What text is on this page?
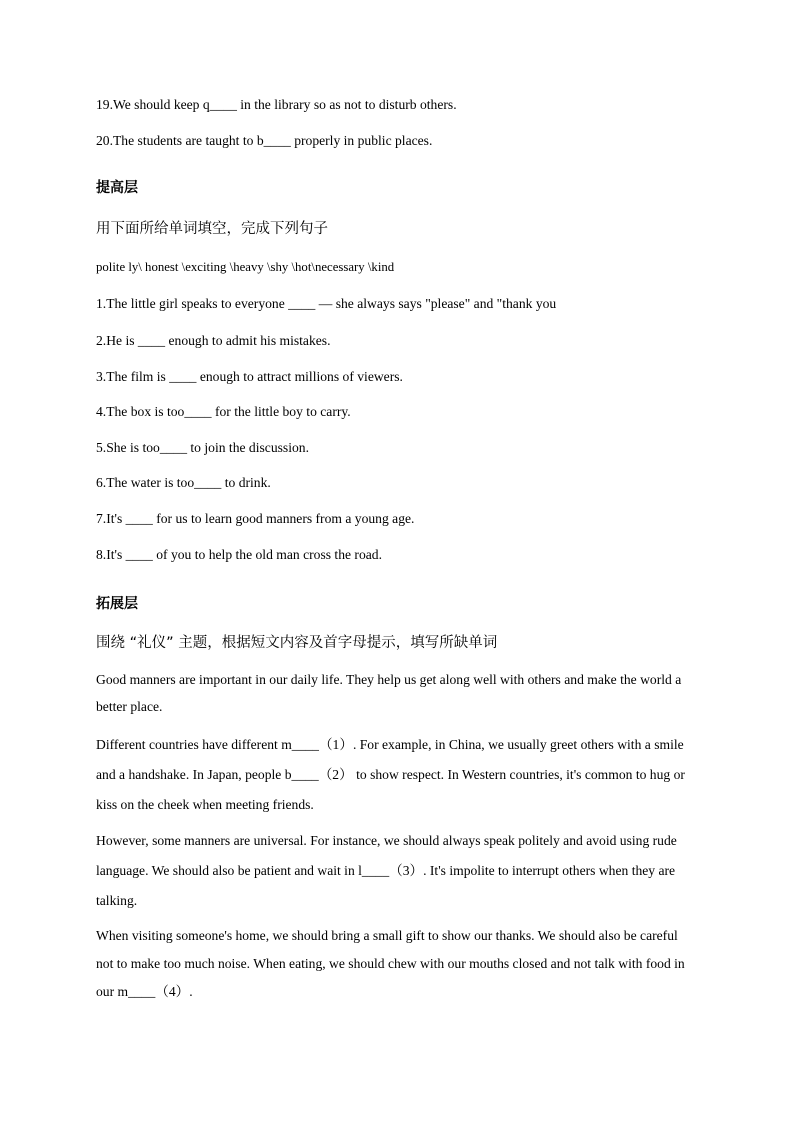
19.We should keep q____ in the library so as not to disturb others.
20.The students are taught to b____ properly in public places.
提高层
用下面所给单词填空，完成下列句子
polite ly\ honest \exciting \heavy \shy \hot\necessary \kind
1.The little girl speaks to everyone ____ — she always says "please" and "thank you
2.He is ____ enough to admit his mistakes.
3.The film is ____ enough to attract millions of viewers.
4.The box is too____ for the little boy to carry.
5.She is too____ to join the discussion.
6.The water is too____ to drink.
7.It's ____ for us to learn good manners from a young age.
8.It's ____ of you to help the old man cross the road.
拓展层
围绕 “礼仪” 主题，根据短文内容及首字母提示，填写所缺单词
Good manners are important in our daily life. They help us get along well with others and make the world a better place.
Different countries have different m____（1）. For example, in China, we usually greet others with a smile and a handshake. In Japan, people b____（2） to show respect. In Western countries, it's common to hug or kiss on the cheek when meeting friends.
However, some manners are universal. For instance, we should always speak politely and avoid using rude language. We should also be patient and wait in l____（3）. It's impolite to interrupt others when they are talking.
When visiting someone's home, we should bring a small gift to show our thanks. We should also be careful not to make too much noise. When eating, we should chew with our mouths closed and not talk with food in our m____（4）.
